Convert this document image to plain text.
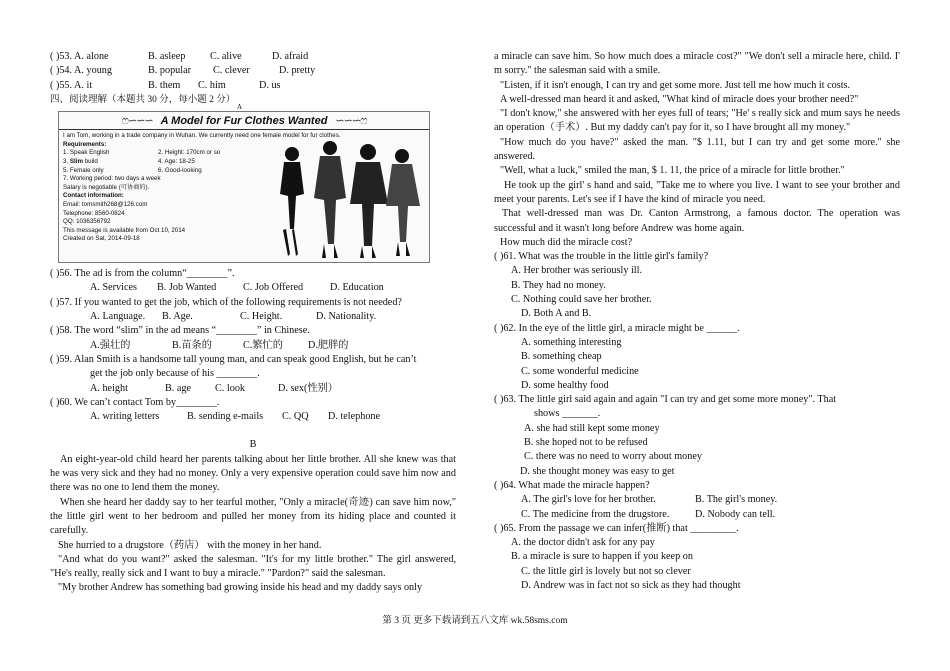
( )53. A. alone	B. asleep C. alive	D. afraid
( )54. A. young	B. popular C. clever	D. pretty
( )55. A. it	B. them C. him	D. us
四、阅读理解（本题共 30 分，每小题 2 分）
A
ෆ∽∽∽ A Model for Fur Clothes Wanted ∽∽∽ෆ
I am Tom, working in a trade company in Wuhan. We currently need one female model for fur clothes.
Requirements:
1. Speak English	2. Height: 170cm or so
3. Slim build	4. Age: 18-25
5. Female only	6. Good-looking
7. Working period: two days a week
Salary is negotiable (可协商的).
Contact information:
Email: tomsmith268@126.com
Telephone: 8560-0824
QQ: 1036356792
This message is available from Oct 10, 2014
Created on Sat, 2014-09-18
( )56. The ad is from the column“________”.
A. Services B. Job Wanted	C. Job Offered	D. Education
( )57. If you wanted to get the job, which of the following requirements is not needed?
A. Language. B. Age.	C. Height.	D. Nationality.
( )58. The word “slim” in the ad means “________” in Chinese.
A.强壮的	B.苗条的	C.繁忙的 D.肥胖的
( )59. Alan Smith is a handsome tall young man, and can speak good English, but he can’t
get the job only because of his ________.
A. height	B. age C. look	D. sex(性别）
( )60. We can’t contact Tom by________.
A. writing letters	B. sending e-mails C. QQ D. telephone
B
An eight-year-old child heard her parents talking about her little brother. All she knew was that he was very sick and they had no money. Only a very expensive operation could save him now and there was no one to lend them the money.
When she heard her daddy say to her tearful mother, "Only a miracle(奇迹) can save him now," the little girl went to her bedroom and pulled her money from its hiding place and counted it carefully.
She hurried to a drugstore（药店） with the money in her hand.
"And what do you want?" asked the salesman. "It's for my little brother." The girl answered, "He's really, really sick and I want to buy a miracle." "Pardon?" said the salesman.
"My brother Andrew has something bad growing inside his head and my daddy says only
a miracle can save him. So how much does a miracle cost?" "We don't sell a miracle here, child. I' m sorry." the salesman said with a smile.
"Listen, if it isn't enough, I can try and get some more. Just tell me how much it costs.
A well-dressed man heard it and asked, "What kind of miracle does your brother need?"
"I don't know," she answered with her eyes full of tears; "He' s really sick and mum says he needs an operation（手术）. But my daddy can't pay for it, so I have brought all my money."
"How much do you have?" asked the man. "$ 1.11, but I can try and get some more." she answered.
"Well, what a luck," smiled the man, $ 1. 11, the price of a miracle for little brother."
He took up the girl' s hand and said, "Take me to where you live. I want to see your brother and meet your parents. Let's see if I have the kind of miracle you need.
That well-dressed man was Dr. Canton Armstrong, a famous doctor. The operation was successful and it wasn't long before Andrew was home again.
How much did the miracle cost?
( )61. What was the trouble in the little girl's family?
A. Her brother was seriously ill.
B. They had no money.
C. Nothing could save her brother.
D. Both A and B.
( )62. In the eye of the little girl, a miracle might be ______.
A. something interesting
B. something cheap
C. some wonderful medicine
D. some healthy food
( )63. The little girl said again and again "I can try and get some more money". That
shows _______.
A. she had still kept some money
B. she hoped not to be refused
C. there was no need to worry about money
D. she thought money was easy to get
( )64. What made the miracle happen?
A. The girl's love for her brother.	B. The girl's money.
C. The medicine from the drugstore.	D. Nobody can tell.
( )65. From the passage we can infer(推断) that _________.
A. the doctor didn't ask for any pay
B. a miracle is sure to happen if you keep on
C. the little girl is lovely but not so clever
D. Andrew was in fact not so sick as they had thought
第 3 页 更多下载请到五八文库 wk.58sms.com
